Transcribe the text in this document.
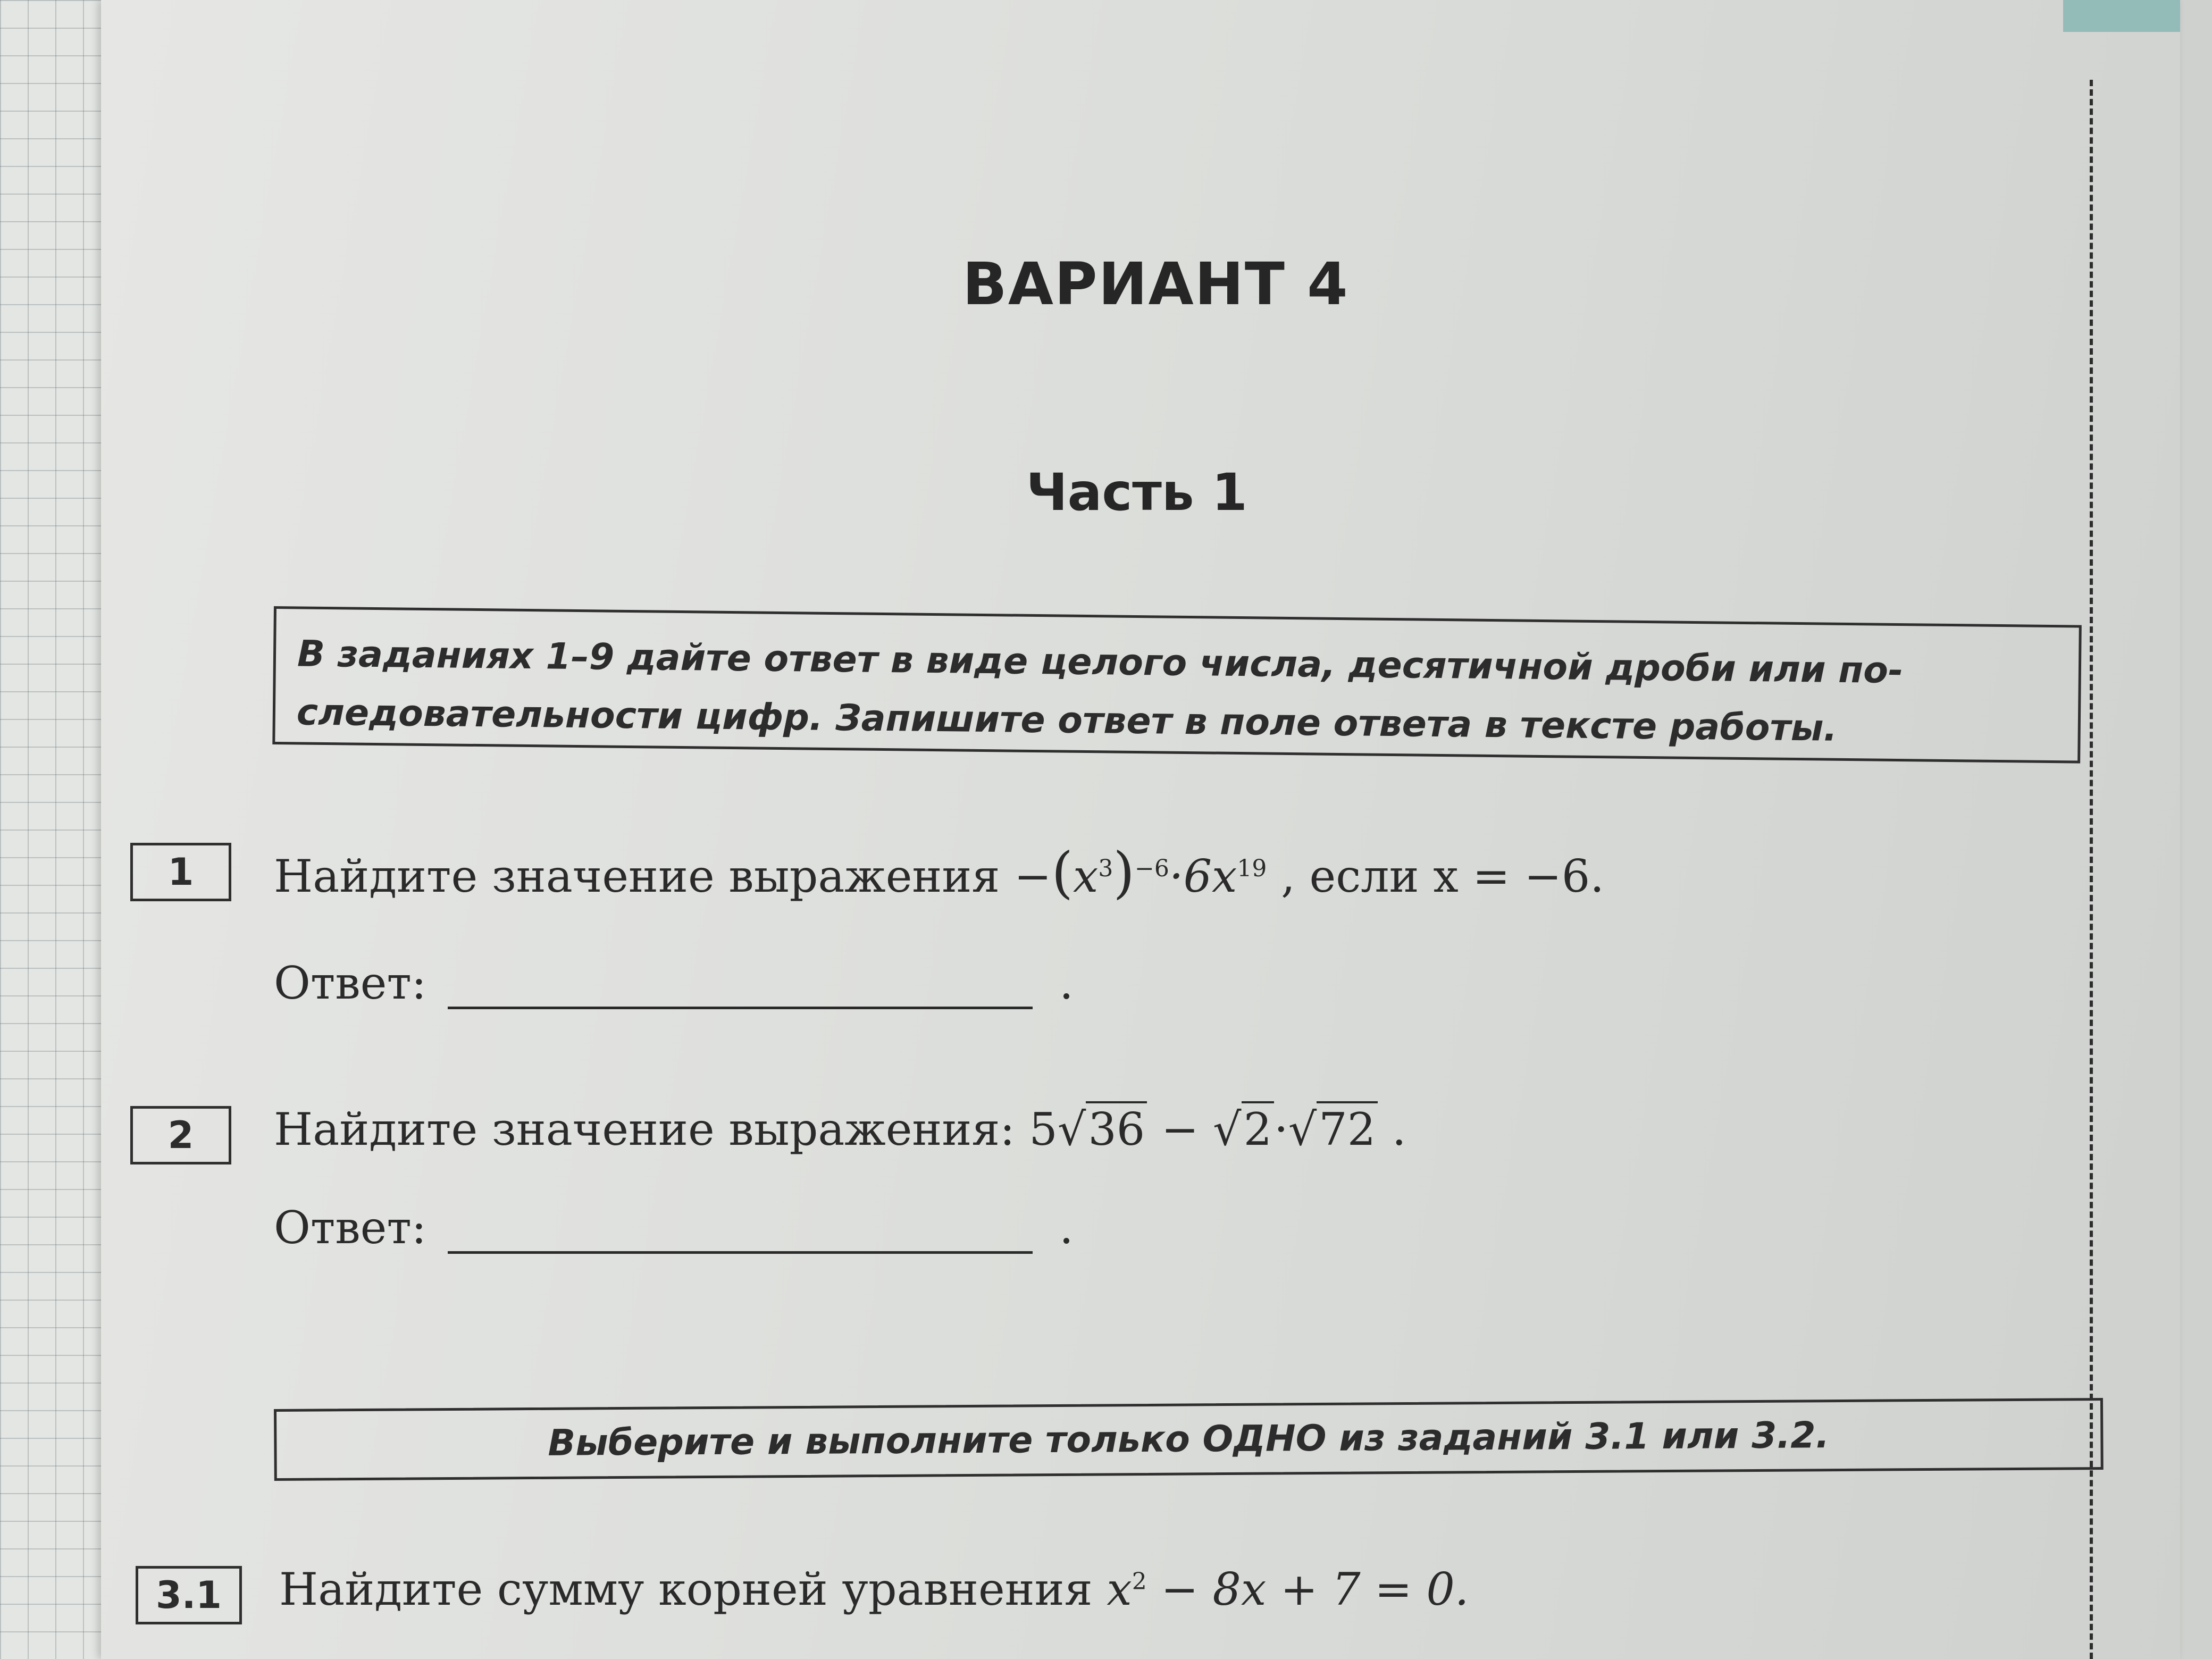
ВАРИАНТ 4
Часть 1
В заданиях 1–9 дайте ответ в виде целого числа, десятичной дроби или по-
следовательности цифр. Запишите ответ в поле ответа в тексте работы.
1	Найдите значение выражения $-(x^3)^{-6}\cdot 6x^{19}$ , если x = −6.
Ответ:	.
2	Найдите значение выражения: 5√36 − √2·√72 .
Ответ:	.
Выберите и выполните только ОДНО из заданий 3.1 или 3.2.
3.1	Найдите сумму корней уравнения $x^2 - 8x + 7 = 0$.
